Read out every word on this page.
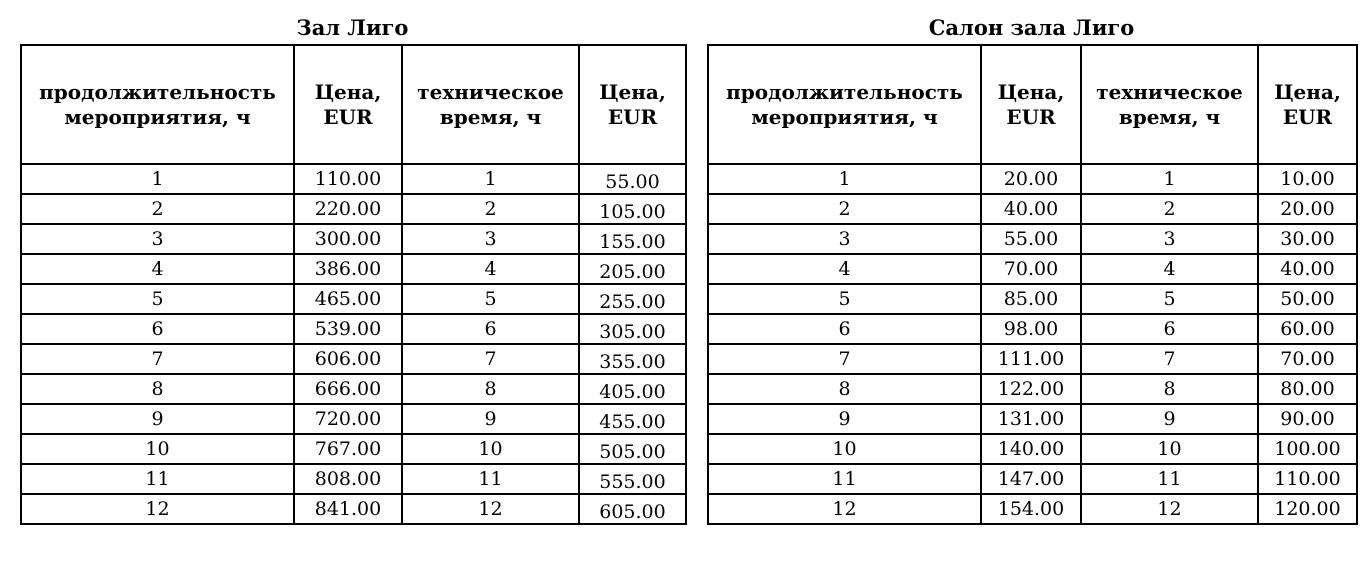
Зал Лиго
продолжительность мероприятия, ч	Цена, EUR	техническое время, ч	Цена, EUR
1	110.00	1	55.00
2	220.00	2	105.00
3	300.00	3	155.00
4	386.00	4	205.00
5	465.00	5	255.00
6	539.00	6	305.00
7	606.00	7	355.00
8	666.00	8	405.00
9	720.00	9	455.00
10	767.00	10	505.00
11	808.00	11	555.00
12	841.00	12	605.00
Салон зала Лиго
продолжительность мероприятия, ч	Цена, EUR	техническое время, ч	Цена, EUR
1	20.00	1	10.00
2	40.00	2	20.00
3	55.00	3	30.00
4	70.00	4	40.00
5	85.00	5	50.00
6	98.00	6	60.00
7	111.00	7	70.00
8	122.00	8	80.00
9	131.00	9	90.00
10	140.00	10	100.00
11	147.00	11	110.00
12	154.00	12	120.00
